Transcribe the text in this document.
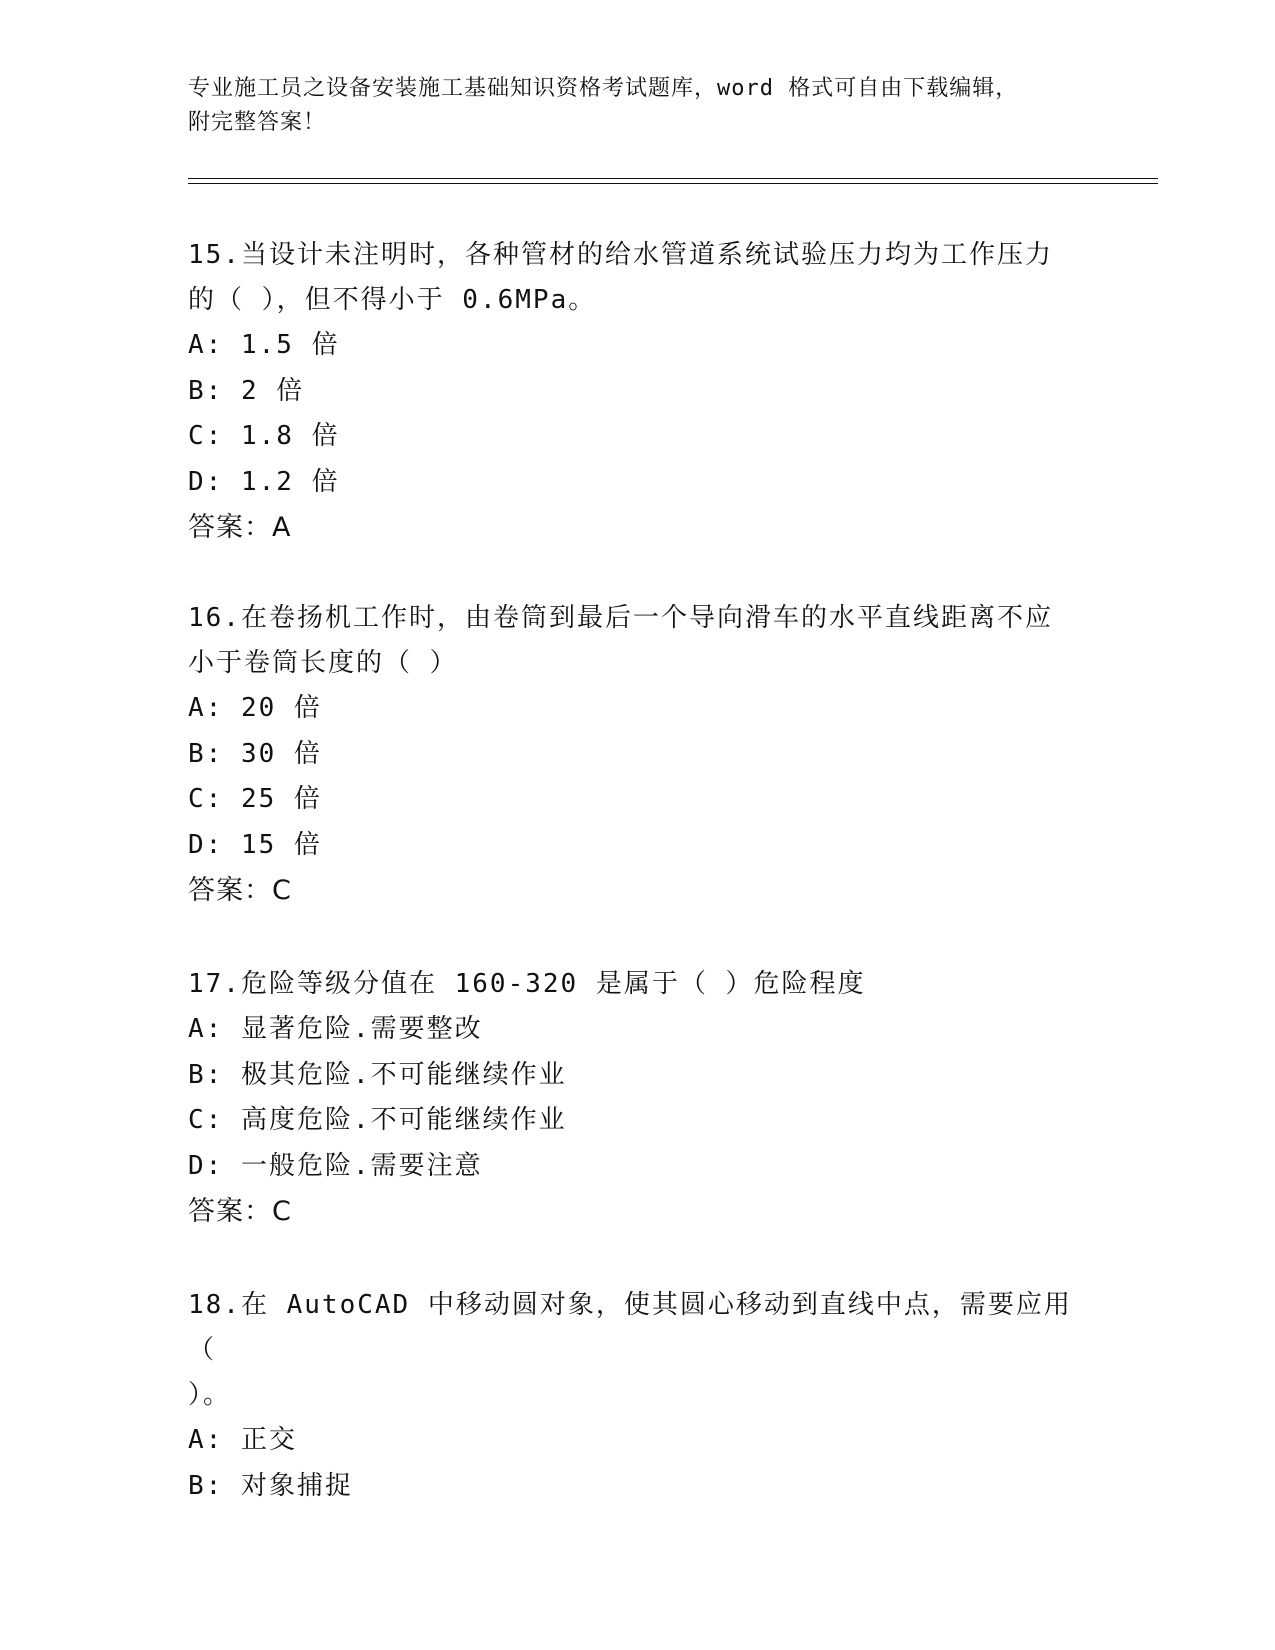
专业施工员之设备安装施工基础知识资格考试题库，word 格式可自由下载编辑，
附完整答案！

15.当设计未注明时，各种管材的给水管道系统试验压力均为工作压力

的（ ），但不得小于 0.6MPa。

A: 1.5 倍

B: 2 倍

C: 1.8 倍

D: 1.2 倍

答案：A

16.在卷扬机工作时，由卷筒到最后一个导向滑车的水平直线距离不应

小于卷筒长度的（ ）

A: 20 倍

B: 30 倍

C: 25 倍

D: 15 倍

答案：C

17.危险等级分值在 160-320 是属于（ ）危险程度

A: 显著危险.需要整改

B: 极其危险.不可能继续作业

C: 高度危险.不可能继续作业

D: 一般危险.需要注意

答案：C

18.在 AutoCAD 中移动圆对象，使其圆心移动到直线中点，需要应用（

）。

A: 正交

B: 对象捕捉
